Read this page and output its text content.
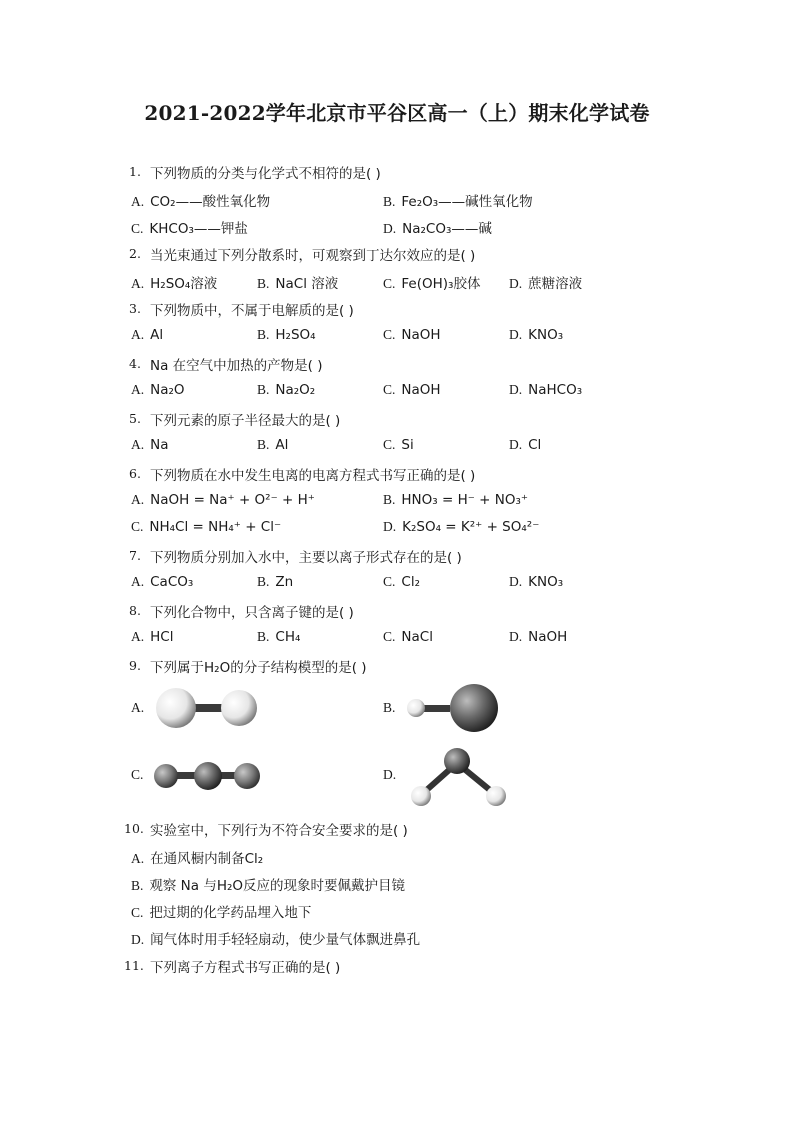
2021-2022学年北京市平谷区高一（上）期末化学试卷
1. 下列物质的分类与化学式不相符的是( )
A. CO₂——酸性氧化物	B. Fe₂O₃——碱性氧化物
C. KHCO₃——钾盐	D. Na₂CO₃——碱
2. 当光束通过下列分散系时，可观察到丁达尔效应的是( )
A. H₂SO₄溶液	B. NaCl 溶液	C. Fe(OH)₃胶体 D. 蔗糖溶液
3. 下列物质中，不属于电解质的是( )
A. Al	B. H₂SO₄	C. NaOH	D. KNO₃
4. Na 在空气中加热的产物是( )
A. Na₂O	B. Na₂O₂	C. NaOH	D. NaHCO₃
5. 下列元素的原子半径最大的是( )
A. Na	B. Al	C. Si	D. Cl
6. 下列物质在水中发生电离的电离方程式书写正确的是( )
A. NaOH = Na⁺ + O²⁻ + H⁺	B. HNO₃ = H⁻ + NO₃⁺
C. NH₄Cl = NH₄⁺ + Cl⁻	D. K₂SO₄ = K²⁺ + SO₄²⁻
7. 下列物质分别加入水中，主要以离子形式存在的是( )
A. CaCO₃	B. Zn	C. Cl₂	D. KNO₃
8. 下列化合物中，只含离子键的是( )
A. HCl	B. CH₄	C. NaCl	D. NaOH
9. 下列属于H₂O的分子结构模型的是( )
A.	B.
C.	D.
10. 实验室中，下列行为不符合安全要求的是( )
A. 在通风橱内制备Cl₂
B. 观察 Na 与H₂O反应的现象时要佩戴护目镜
C. 把过期的化学药品埋入地下
D. 闻气体时用手轻轻扇动，使少量气体飘进鼻孔
11. 下列离子方程式书写正确的是( )
